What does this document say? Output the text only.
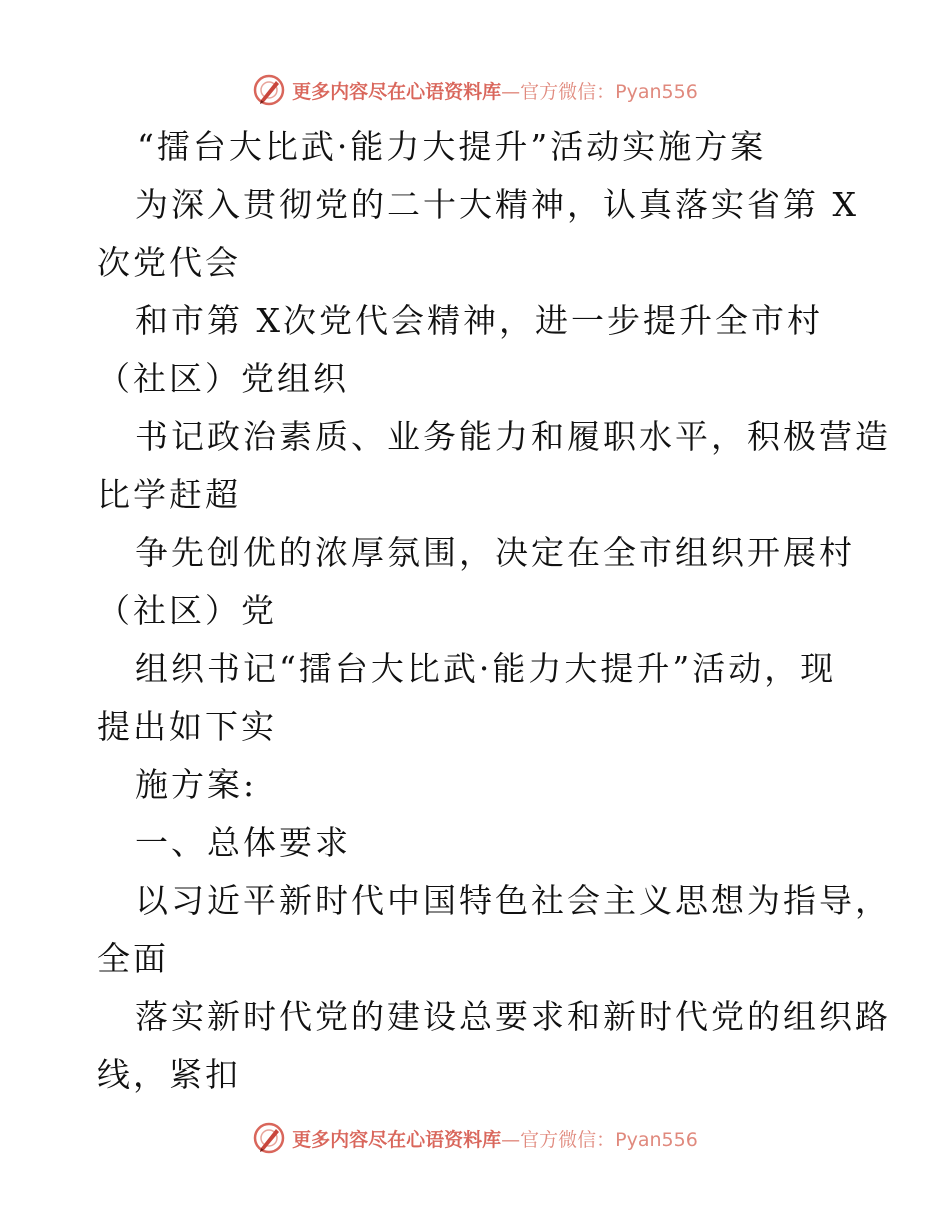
更多内容尽在心语资料库—官方微信：Pyan556
“擂台大比武·能力大提升”活动实施方案
为深入贯彻党的二十大精神，认真落实省第 X
次党代会
和市第 X次党代会精神，进一步提升全市村
（社区）党组织
书记政治素质、业务能力和履职水平，积极营造
比学赶超
争先创优的浓厚氛围，决定在全市组织开展村
（社区）党
组织书记“擂台大比武·能力大提升”活动，现
提出如下实
施方案:
一、总体要求
以习近平新时代中国特色社会主义思想为指导，
全面
落实新时代党的建设总要求和新时代党的组织路
线，紧扣
更多内容尽在心语资料库—官方微信：Pyan556
